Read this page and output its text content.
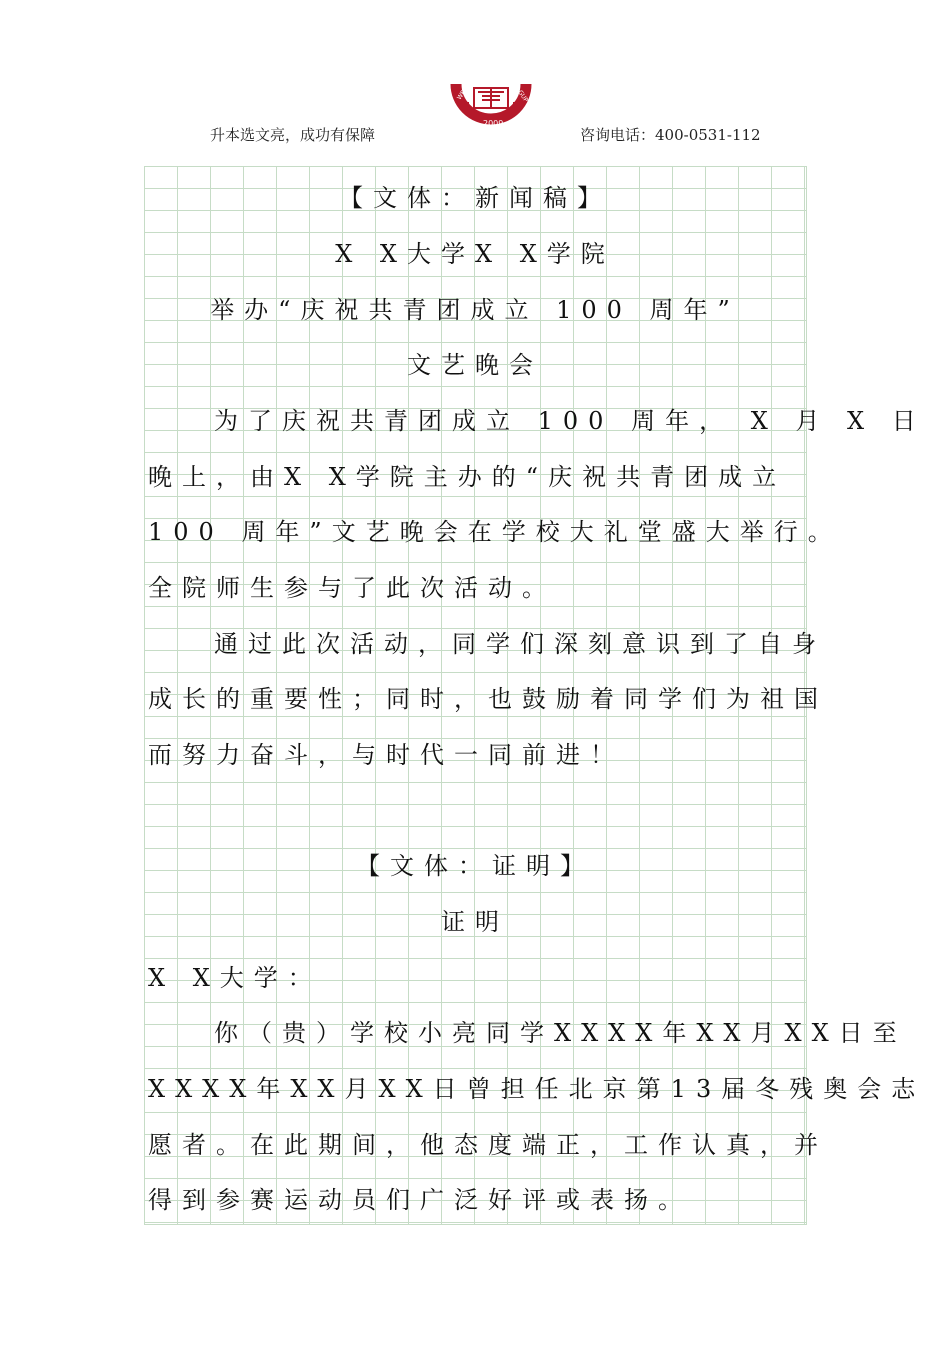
升本选文亮，成功有保障	咨询电话：400-0531-112
WEN	GUP
2009
【文体：新闻稿】
X X大学X X学院
举办“庆祝共青团成立 100 周年”
文艺晚会
为了庆祝共青团成立 100 周年， X 月 X 日
晚上，由X X学院主办的“庆祝共青团成立
100 周年”文艺晚会在学校大礼堂盛大举行。
全院师生参与了此次活动。
通过此次活动，同学们深刻意识到了自身
成长的重要性；同时，也鼓励着同学们为祖国
而努力奋斗，与时代一同前进！
【文体：证明】
证明
X X大学：
你（贵）学校小亮同学XXXX年XX月XX日至
XXXX年XX月XX日曾担任北京第13届冬残奥会志
愿者。在此期间，他态度端正，工作认真，并
得到参赛运动员们广泛好评或表扬。
